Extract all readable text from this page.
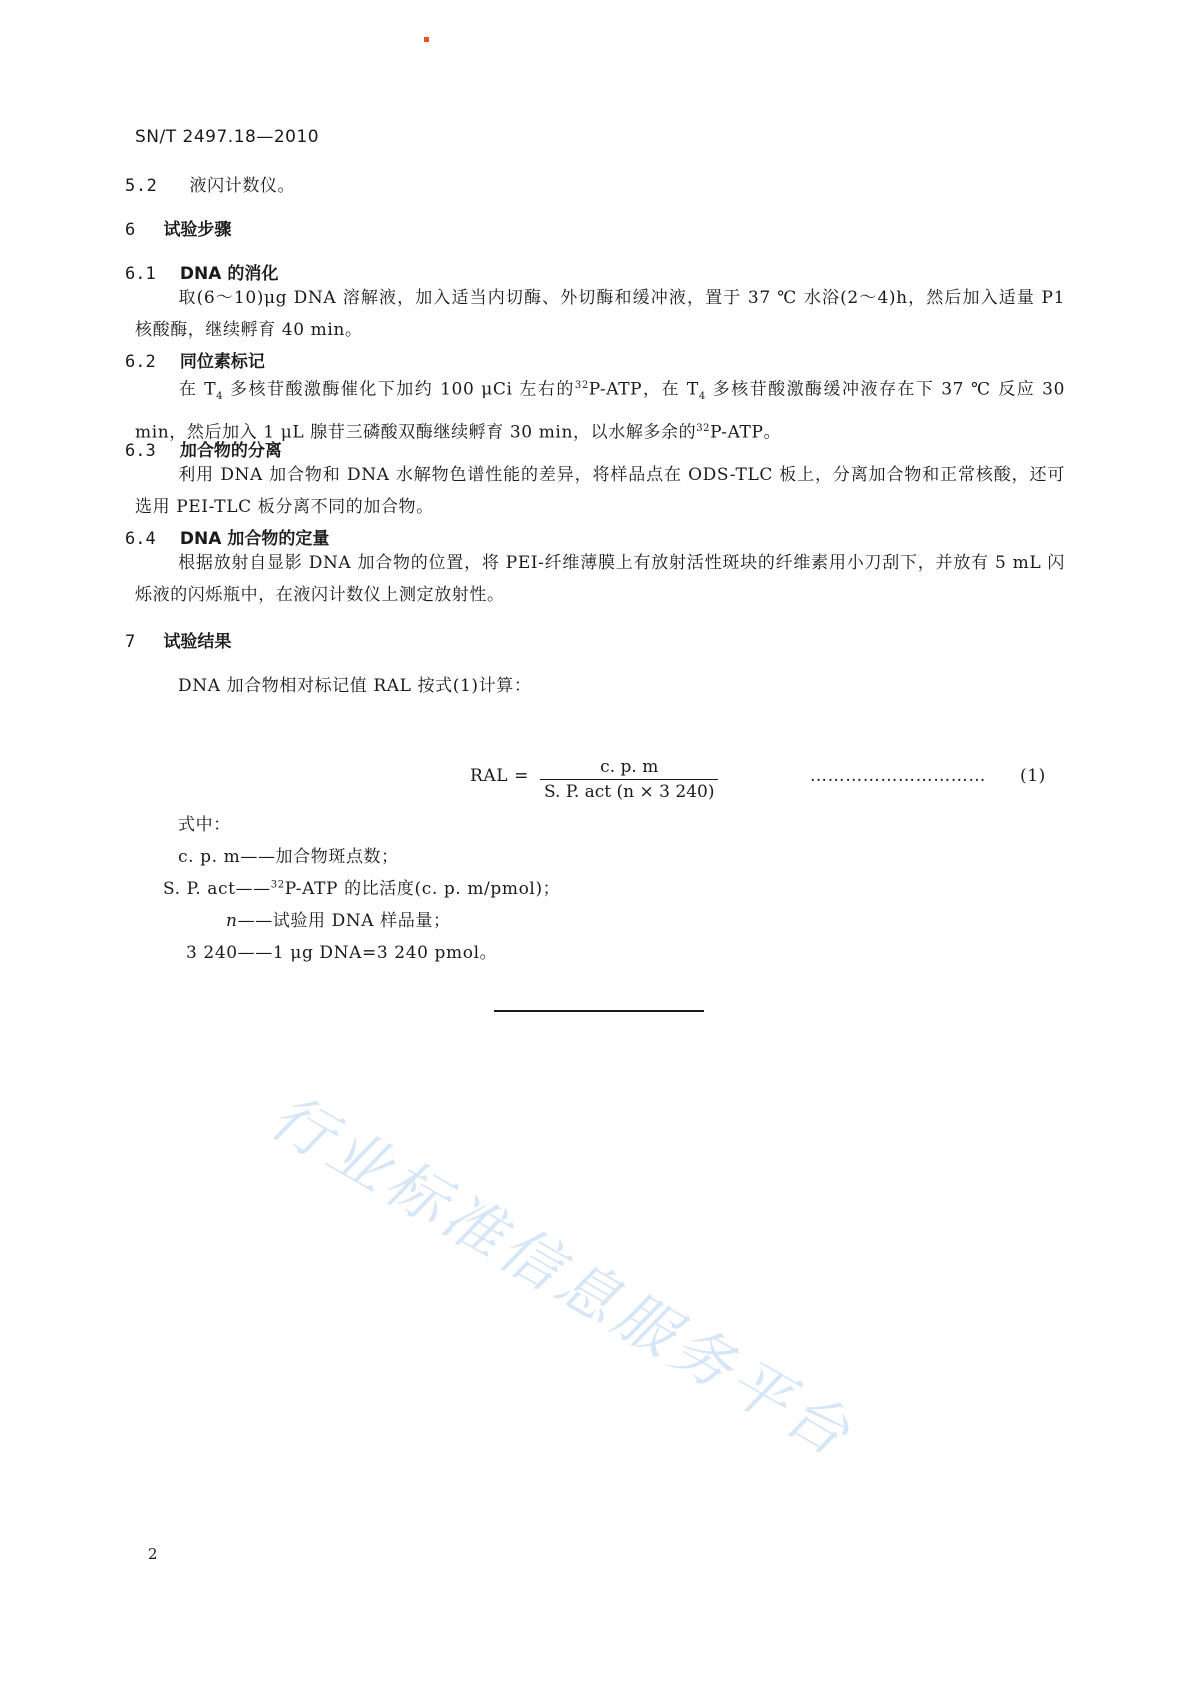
SN/T 2497.18—2010
5.2 液闪计数仪。
6 试验步骤
6.1 DNA 的消化
取(6～10)μg DNA 溶解液，加入适当内切酶、外切酶和缓冲液，置于 37 ℃ 水浴(2～4)h，然后加入适量 P1 核酸酶，继续孵育 40 min。
6.2 同位素标记
在 $T_4$ 多核苷酸激酶催化下加约 100 μCi 左右的$^{32}$P-ATP，在 $T_4$ 多核苷酸激酶缓冲液存在下 37 ℃ 反应 30 min，然后加入 1 μL 腺苷三磷酸双酶继续孵育 30 min，以水解多余的$^{32}$P-ATP。
6.3 加合物的分离
利用 DNA 加合物和 DNA 水解物色谱性能的差异，将样品点在 ODS-TLC 板上，分离加合物和正常核酸，还可选用 PEI-TLC 板分离不同的加合物。
6.4 DNA 加合物的定量
根据放射自显影 DNA 加合物的位置，将 PEI-纤维薄膜上有放射活性斑块的纤维素用小刀刮下，并放有 5 mL 闪烁液的闪烁瓶中，在液闪计数仪上测定放射性。
7 试验结果
DNA 加合物相对标记值 RAL 按式(1)计算：
RAL =	c. p. m
S. P. act (n × 3 240)
………………………… (1)
式中：
c. p. m——加合物斑点数；
S. P. act——$^{32}$P-ATP 的比活度(c. p. m/pmol)；
n——试验用 DNA 样品量；
3 240——1 μg DNA=3 240 pmol。
行业标准信息服务平台
2
